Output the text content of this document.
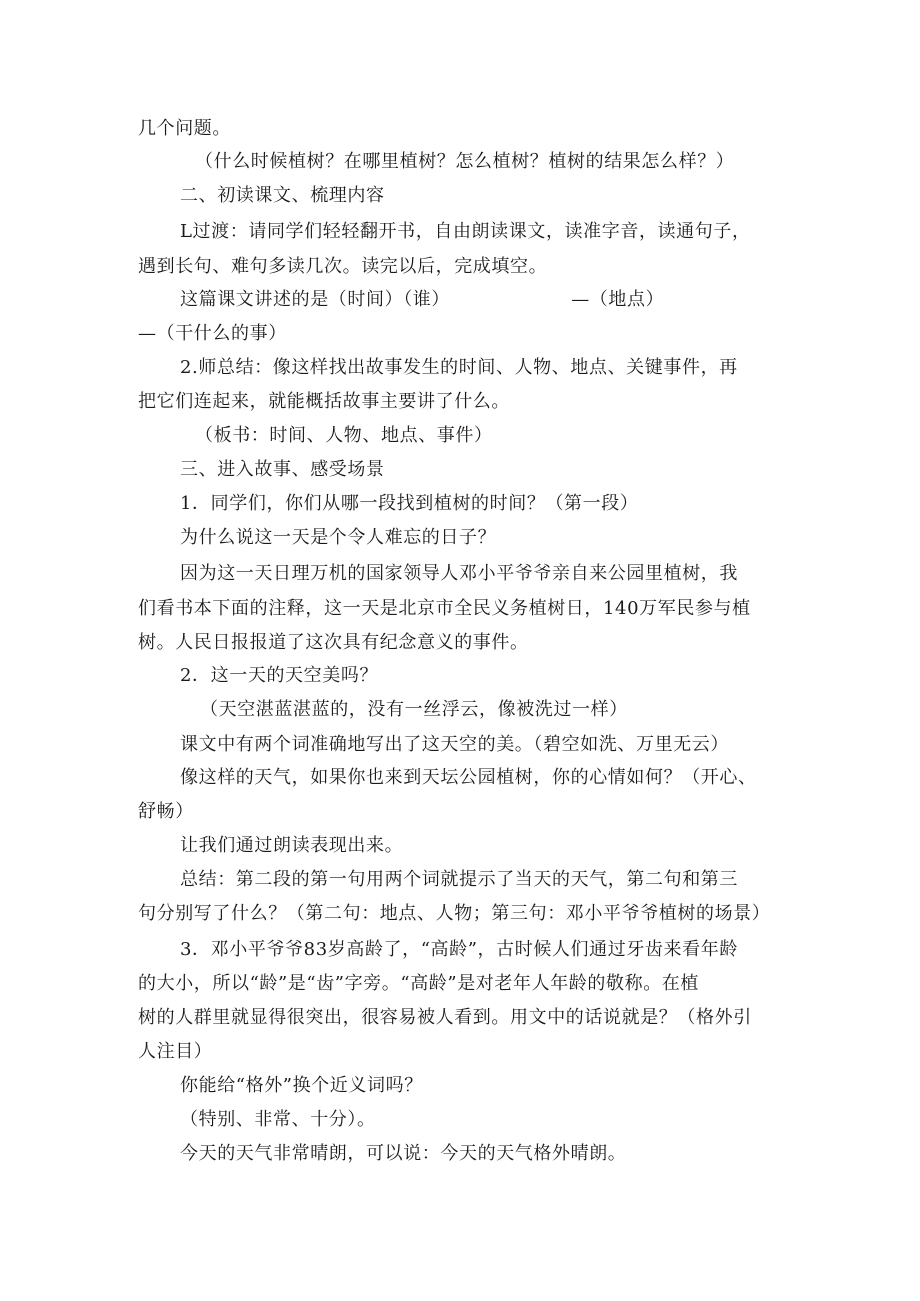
几个问题。
（什么时候植树？在哪里植树？怎么植树？植树的结果怎么样？）
二、初读课文、梳理内容
L过渡：请同学们轻轻翻开书，自由朗读课文，读准字音，读通句子，
遇到长句、难句多读几次。读完以后，完成填空。
这篇课文讲述的是（时间）（谁）　　　　　　　—（地点）
—（干什么的事）
2.师总结：像这样找出故事发生的时间、人物、地点、关键事件，再
把它们连起来，就能概括故事主要讲了什么。
（板书：时间、人物、地点、事件）
三、进入故事、感受场景
1．同学们，你们从哪一段找到植树的时间？（第一段）
为什么说这一天是个令人难忘的日子？
因为这一天日理万机的国家领导人邓小平爷爷亲自来公园里植树，我
们看书本下面的注释，这一天是北京市全民义务植树日，140万军民参与植
树。人民日报报道了这次具有纪念意义的事件。
2．这一天的天空美吗？
（天空湛蓝湛蓝的，没有一丝浮云，像被洗过一样）
课文中有两个词准确地写出了这天空的美。（碧空如洗、万里无云）
像这样的天气，如果你也来到天坛公园植树，你的心情如何？（开心、
舒畅）
让我们通过朗读表现出来。
总结：第二段的第一句用两个词就提示了当天的天气，第二句和第三
句分别写了什么？（第二句：地点、人物；第三句：邓小平爷爷植树的场景）
3．邓小平爷爷83岁高龄了，“高龄”，古时候人们通过牙齿来看年龄
的大小，所以“龄”是“齿”字旁。“高龄”是对老年人年龄的敬称。在植
树的人群里就显得很突出，很容易被人看到。用文中的话说就是？（格外引
人注目）
你能给“格外”换个近义词吗？
（特别、非常、十分）。
今天的天气非常晴朗，可以说：今天的天气格外晴朗。
